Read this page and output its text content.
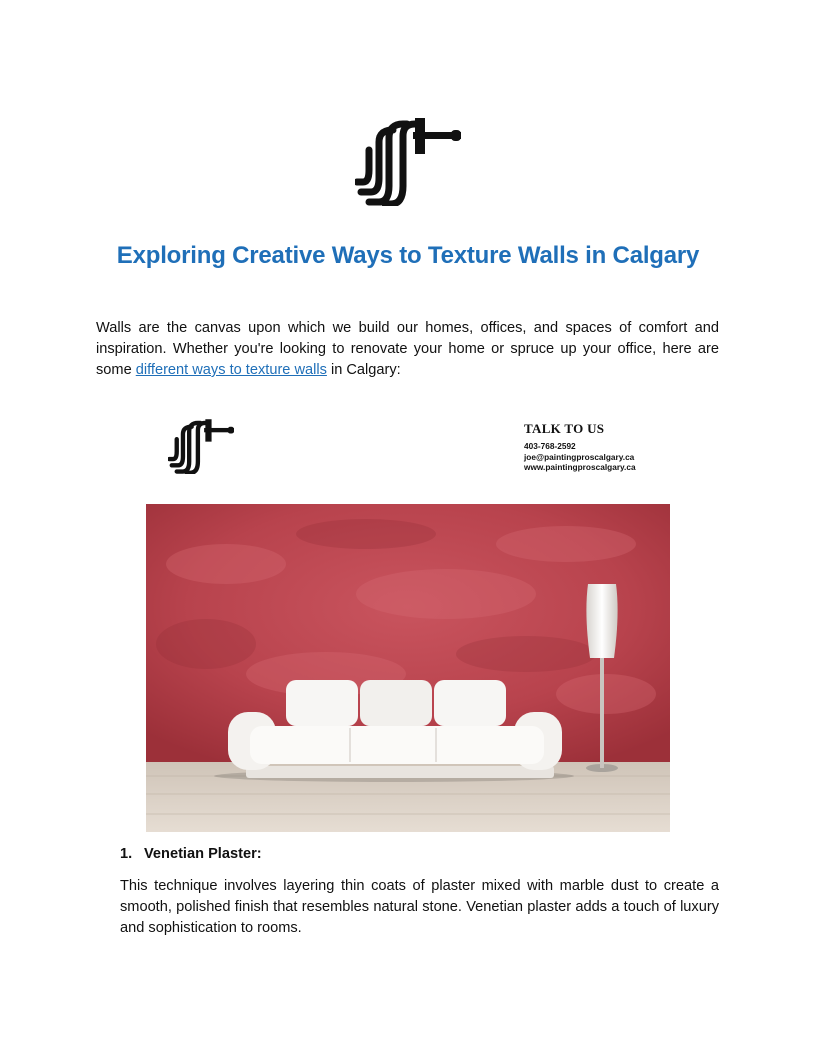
Exploring Creative Ways to Texture Walls in Calgary

Walls are the canvas upon which we build our homes, offices, and spaces of comfort and inspiration. Whether you're looking to renovate your home or spruce up your office, here are some different ways to texture walls in Calgary:

TALK TO US

403-768-2592

joe@paintingproscalgary.ca

www.paintingproscalgary.ca

1. Venetian Plaster:

This technique involves layering thin coats of plaster mixed with marble dust to create a smooth, polished finish that resembles natural stone. Venetian plaster adds a touch of luxury and sophistication to rooms.
